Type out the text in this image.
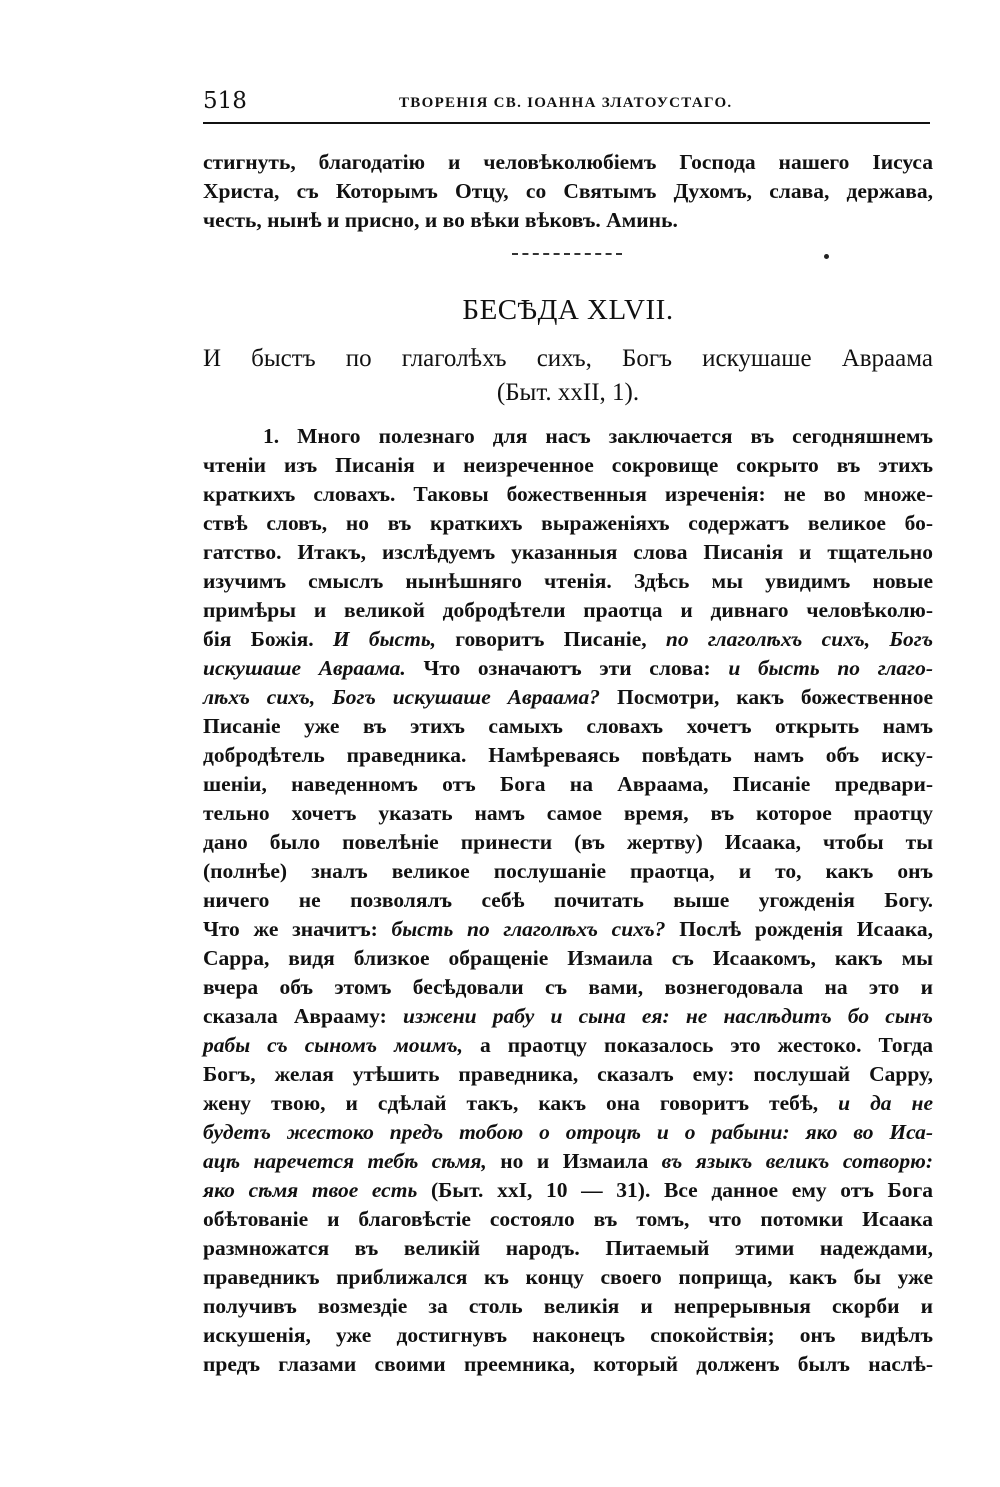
518	ТВОРЕНІЯ СВ. ІОАННА ЗЛАТОУСТАГО.
стигнуть, благодатію и человѣколюбіемъ Господа нашего Іисуса
Христа, съ Которымъ Отцу, со Святымъ Духомъ, слава, держава,
честь, нынѣ и присно, и во вѣки вѣковъ. Аминь.
БЕСѢДА XLVII.
И быстъ по глаголѣхъ сихъ, Богъ искушаше Авраама
(Быт. ххII, 1).
1. Много полезнаго для насъ заключается въ сегодняшнемъ
чтеніи изъ Писанія и неизреченное сокровище сокрыто въ этихъ
краткихъ словахъ. Таковы божественныя изреченія: не во множе-
ствѣ словъ, но въ краткихъ выраженіяхъ содержатъ великое бо-
гатство. Итакъ, изслѣдуемъ указанныя слова Писанія и тщательно
изучимъ смыслъ нынѣшняго чтенія. Здѣсь мы увидимъ новые
примѣры и великой добродѣтели праотца и дивнаго человѣколю-
бія Божія. И бысть, говоритъ Писаніе, по глаголѣхъ сихъ, Богъ
искушаше Авраама. Что означаютъ эти слова: и бысть по глаго-
лѣхъ сихъ, Богъ искушаше Авраама? Посмотри, какъ божественное
Писаніе уже въ этихъ самыхъ словахъ хочетъ открыть намъ
добродѣтель праведника. Намѣреваясь повѣдать намъ объ иску-
шеніи, наведенномъ отъ Бога на Авраама, Писаніе предвари-
тельно хочетъ указать намъ самое время, въ которое праотцу
дано было повелѣніе принести (въ жертву) Исаака, чтобы ты
(полнѣе) зналъ великое послушаніе праотца, и то, какъ онъ
ничего не позволялъ себѣ почитать выше угожденія Богу.
Что же значитъ: бысть по глаголѣхъ сихъ? Послѣ рожденія Исаака,
Сарра, видя близкое обращеніе Измаила съ Исаакомъ, какъ мы
вчера объ этомъ бесѣдовали съ вами, вознегодовала на это и
сказала Аврааму: изжени рабу и сына ея: не наслѣдитъ бо сынъ
рабы съ сыномъ моимъ, а праотцу показалось это жестоко. Тогда
Богъ, желая утѣшить праведника, сказалъ ему: послушай Сарру,
жену твою, и сдѣлай такъ, какъ она говоритъ тебѣ, и да не
будетъ жестоко предъ тобою о отроцѣ и о рабыни: яко во Иса-
ацѣ наречется тебѣ сѣмя, но и Измаила въ языкъ великъ сотворю:
яко сѣмя твое есть (Быт. ххI, 10 — 31). Все данное ему отъ Бога
обѣтованіе и благовѣстіе состояло въ томъ, что потомки Исаака
размножатся въ великій народъ. Питаемый этими надеждами,
праведникъ приближался къ концу своего поприща, какъ бы уже
получивъ возмездіе за столь великія и непрерывныя скорби и
искушенія, уже достигнувъ наконецъ спокойствія; онъ видѣлъ
предъ глазами своими преемника, который долженъ былъ наслѣ-
